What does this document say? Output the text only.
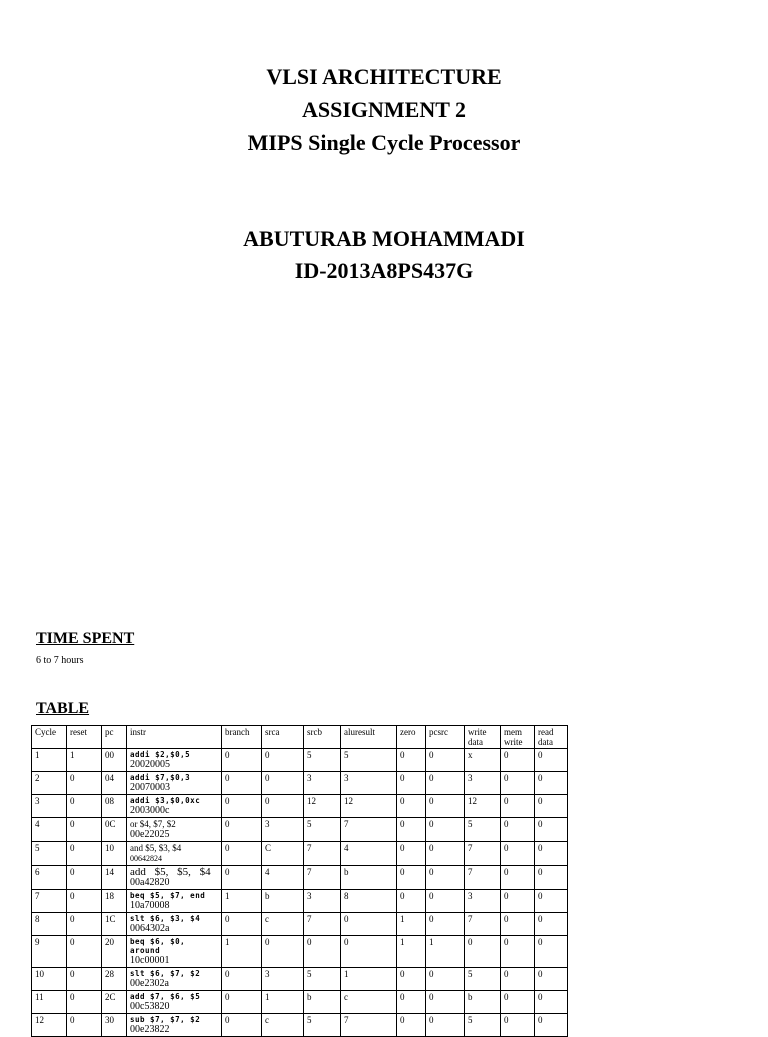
VLSI ARCHITECTURE
ASSIGNMENT 2
MIPS Single Cycle Processor
ABUTURAB MOHAMMADI
ID-2013A8PS437G
TIME SPENT
6 to 7 hours
TABLE
Cycle	reset	pc	instr	branch	srca	srcb	aluresult	zero	pcsrc	write data	mem write	read data
1	1	00	addi $2,$0,5
20020005	0	0	5	5	0	0	x	0	0
2	0	04	addi $7,$0,3
20070003	0	0	3	3	0	0	3	0	0
3	0	08	addi $3,$0,0xc
2003000c	0	0	12	12	0	0	12	0	0
4	0	0C	or $4, $7, $2
00e22025	0	3	5	7	0	0	5	0	0
5	0	10	and $5, $3, $4
00642824	0	C	7	4	0	0	7	0	0
6	0	14	add $5, $5, $4
00a42820	0	4	7	b	0	0	7	0	0
7	0	18	beq $5, $7, end
10a70008	1	b	3	8	0	0	3	0	0
8	0	1C	slt $6, $3, $4
0064302a	0	c	7	0	1	0	7	0	0
9	0	20	beq $6, $0, around
10c00001	1	0	0	0	1	1	0	0	0
10	0	28	slt $6, $7, $2
00e2302a	0	3	5	1	0	0	5	0	0
11	0	2C	add $7, $6, $5
00c53820	0	1	b	c	0	0	b	0	0
12	0	30	sub $7, $7, $2
00e23822	0	c	5	7	0	0	5	0	0
